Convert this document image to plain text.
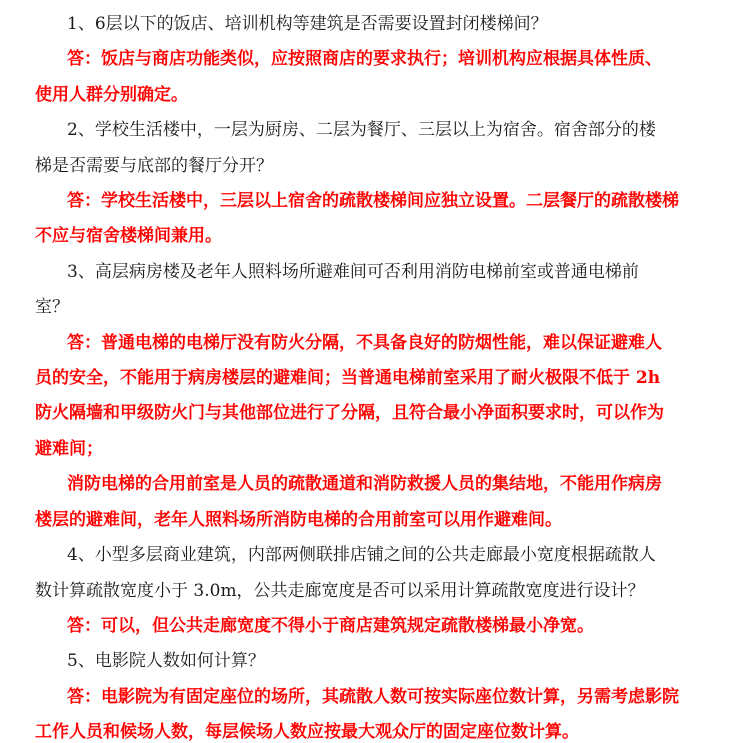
1、6层以下的饭店、培训机构等建筑是否需要设置封闭楼梯间？
答：饭店与商店功能类似，应按照商店的要求执行；培训机构应根据具体性质、
使用人群分别确定。
2、学校生活楼中，一层为厨房、二层为餐厅、三层以上为宿舍。宿舍部分的楼
梯是否需要与底部的餐厅分开？
答：学校生活楼中，三层以上宿舍的疏散楼梯间应独立设置。二层餐厅的疏散楼梯
不应与宿舍楼梯间兼用。
3、高层病房楼及老年人照料场所避难间可否利用消防电梯前室或普通电梯前
室？
答：普通电梯的电梯厅没有防火分隔，不具备良好的防烟性能，难以保证避难人
员的安全，不能用于病房楼层的避难间；当普通电梯前室采用了耐火极限不低于 2h
防火隔墙和甲级防火门与其他部位进行了分隔，且符合最小净面积要求时，可以作为
避难间；
消防电梯的合用前室是人员的疏散通道和消防救援人员的集结地，不能用作病房
楼层的避难间，老年人照料场所消防电梯的合用前室可以用作避难间。
4、小型多层商业建筑，内部两侧联排店铺之间的公共走廊最小宽度根据疏散人
数计算疏散宽度小于 3.0m，公共走廊宽度是否可以采用计算疏散宽度进行设计？
答：可以，但公共走廊宽度不得小于商店建筑规定疏散楼梯最小净宽。
5、电影院人数如何计算？
答：电影院为有固定座位的场所，其疏散人数可按实际座位数计算，另需考虑影院
工作人员和候场人数，每层候场人数应按最大观众厅的固定座位数计算。
